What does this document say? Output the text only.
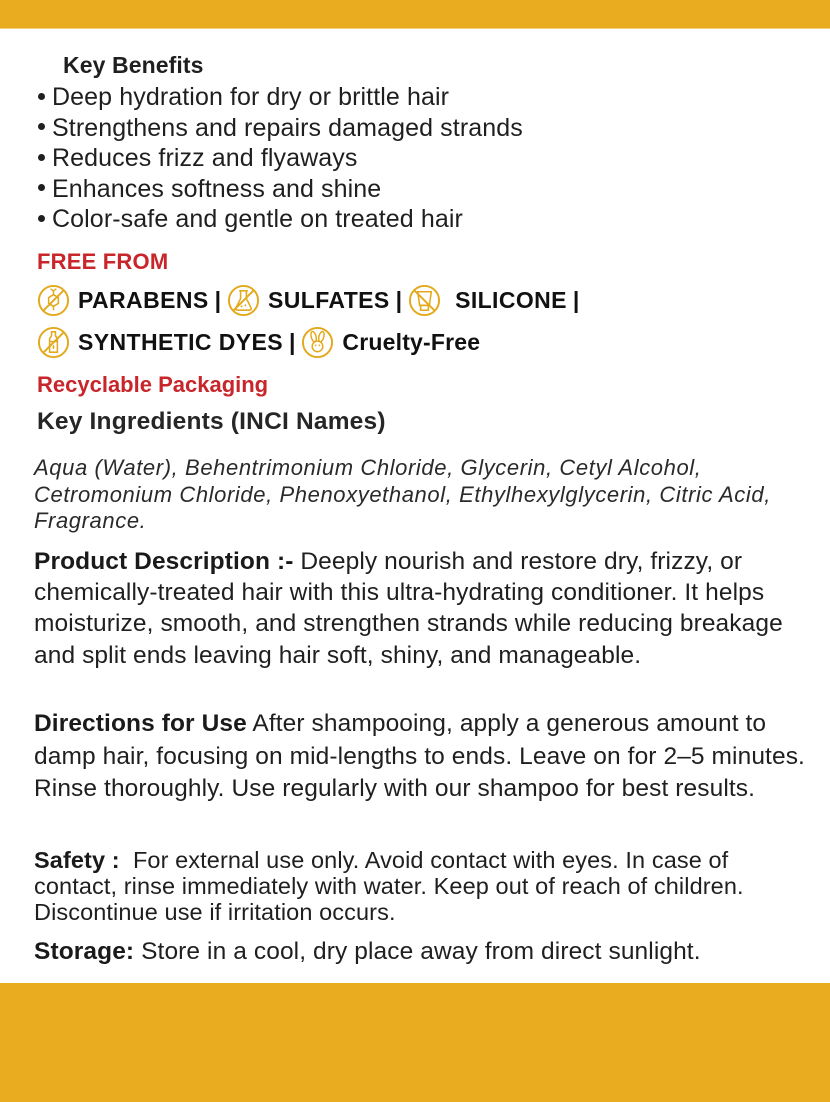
Key Benefits
Deep hydration for dry or brittle hair
Strengthens and repairs damaged strands
Reduces frizz and flyaways
Enhances softness and shine
Color-safe and gentle on treated hair
FREE FROM
PARABENS | SULFATES | SILICONE |
SYNTHETIC DYES | Cruelty-Free
Recyclable Packaging
Key Ingredients (INCI Names)
Aqua (Water), Behentrimonium Chloride, Glycerin, Cetyl Alcohol, Cetromonium Chloride, Phenoxyethanol, Ethylhexylglycerin, Citric Acid, Fragrance.
Product Description :- Deeply nourish and restore dry, frizzy, or chemically-treated hair with this ultra-hydrating conditioner. It helps moisturize, smooth, and strengthen strands while reducing breakage and split ends leaving hair soft, shiny, and manageable.
Directions for Use After shampooing, apply a generous amount to damp hair, focusing on mid-lengths to ends. Leave on for 2–5 minutes. Rinse thoroughly. Use regularly with our shampoo for best results.
Safety :  For external use only. Avoid contact with eyes. In case of contact, rinse immediately with water. Keep out of reach of children. Discontinue use if irritation occurs.
Storage: Store in a cool, dry place away from direct sunlight.
